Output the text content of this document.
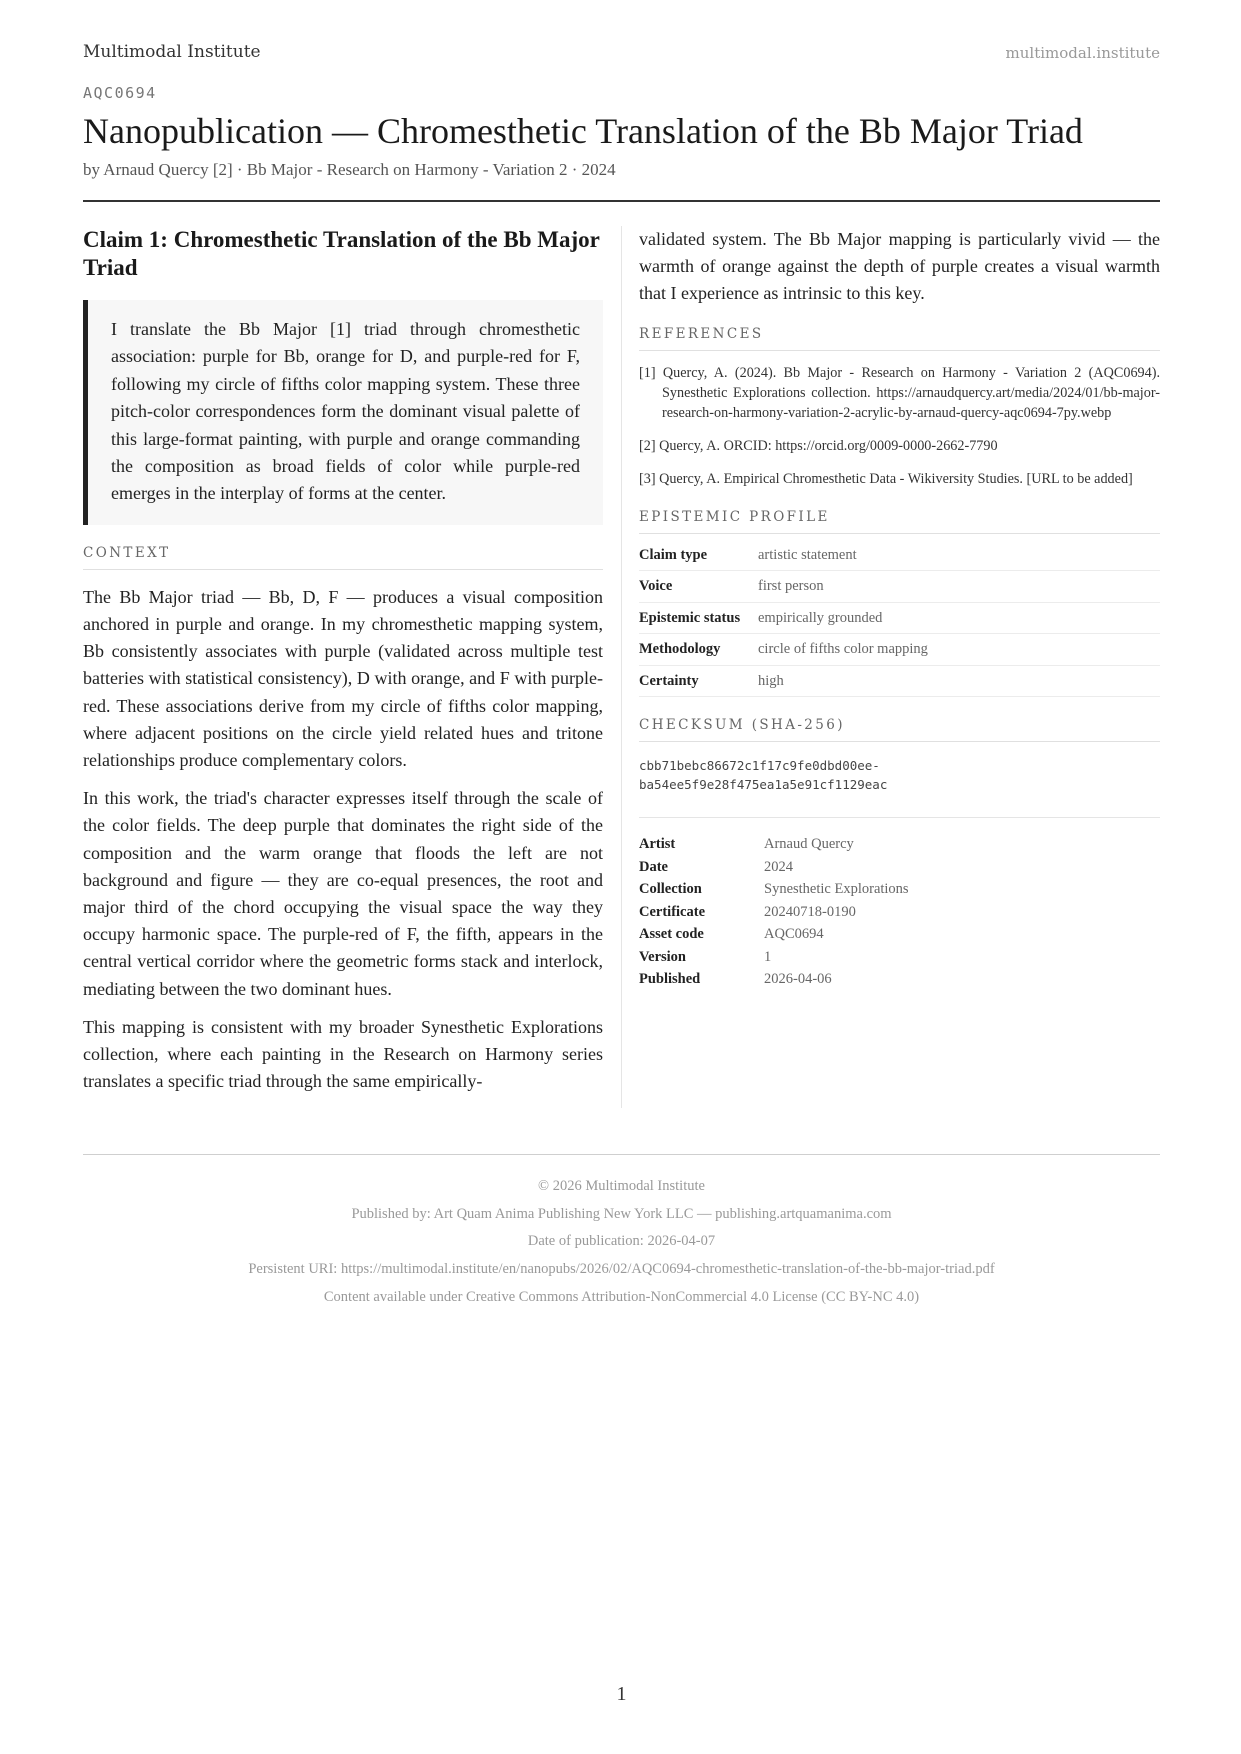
Multimodal Institute	multimodal.institute
AQC0694
Nanopublication — Chromesthetic Translation of the Bb Major Triad
by Arnaud Quercy [2] · Bb Major - Research on Harmony - Variation 2 · 2024
Claim 1: Chromesthetic Translation of the Bb Major Triad
I translate the Bb Major [1] triad through chromesthetic association: purple for Bb, orange for D, and purple-red for F, following my circle of fifths color mapping system. These three pitch-color correspondences form the dominant visual palette of this large-format painting, with purple and orange commanding the composition as broad fields of color while purple-red emerges in the interplay of forms at the center.
CONTEXT

The Bb Major triad — Bb, D, F — produces a visual composition anchored in purple and orange. In my chromesthetic mapping system, Bb consistently associates with purple (validated across multiple test batteries with statistical consistency), D with orange, and F with purple-red. These associations derive from my circle of fifths color mapping, where adjacent positions on the circle yield related hues and tritone relationships produce complementary colors.

In this work, the triad's character expresses itself through the scale of the color fields. The deep purple that dominates the right side of the composition and the warm orange that floods the left are not background and figure — they are co-equal presences, the root and major third of the chord occupying the visual space the way they occupy harmonic space. The purple-red of F, the fifth, appears in the central vertical corridor where the geometric forms stack and interlock, mediating between the two dominant hues.

This mapping is consistent with my broader Synesthetic Explorations collection, where each painting in the Research on Harmony series translates a specific triad through the same empirically-

validated system. The Bb Major mapping is particularly vivid — the warmth of orange against the depth of purple creates a visual warmth that I experience as intrinsic to this key.

REFERENCES
[1] Quercy, A. (2024). Bb Major - Research on Harmony - Variation 2 (AQC0694). Synesthetic Explorations collection. https://arnaudquercy.art/media/2024/01/bb-major-research-on-harmony-variation-2-acrylic-by-arnaud-quercy-aqc0694-7py.webp
[2] Quercy, A. ORCID: https://orcid.org/0009-0000-2662-7790
[3] Quercy, A. Empirical Chromesthetic Data - Wikiversity Studies. [URL to be added]
EPISTEMIC PROFILE
Claim type	artistic statement
Voice	first person
Epistemic status	empirically grounded
Methodology	circle of fifths color mapping
Certainty	high
CHECKSUM (SHA-256)
cbb71bebc86672c1f17c9fe0dbd00ee-
ba54ee5f9e28f475ea1a5e91cf1129eac
Artist	Arnaud Quercy
Date	2024
Collection	Synesthetic Explorations
Certificate	20240718-0190
Asset code	AQC0694
Version	1
Published	2026-04-06
© 2026 Multimodal Institute
Published by: Art Quam Anima Publishing New York LLC — publishing.artquamanima.com
Date of publication: 2026-04-07
Persistent URI: https://multimodal.institute/en/nanopubs/2026/02/AQC0694-chromesthetic-translation-of-the-bb-major-triad.pdf
Content available under Creative Commons Attribution-NonCommercial 4.0 License (CC BY-NC 4.0)
1
